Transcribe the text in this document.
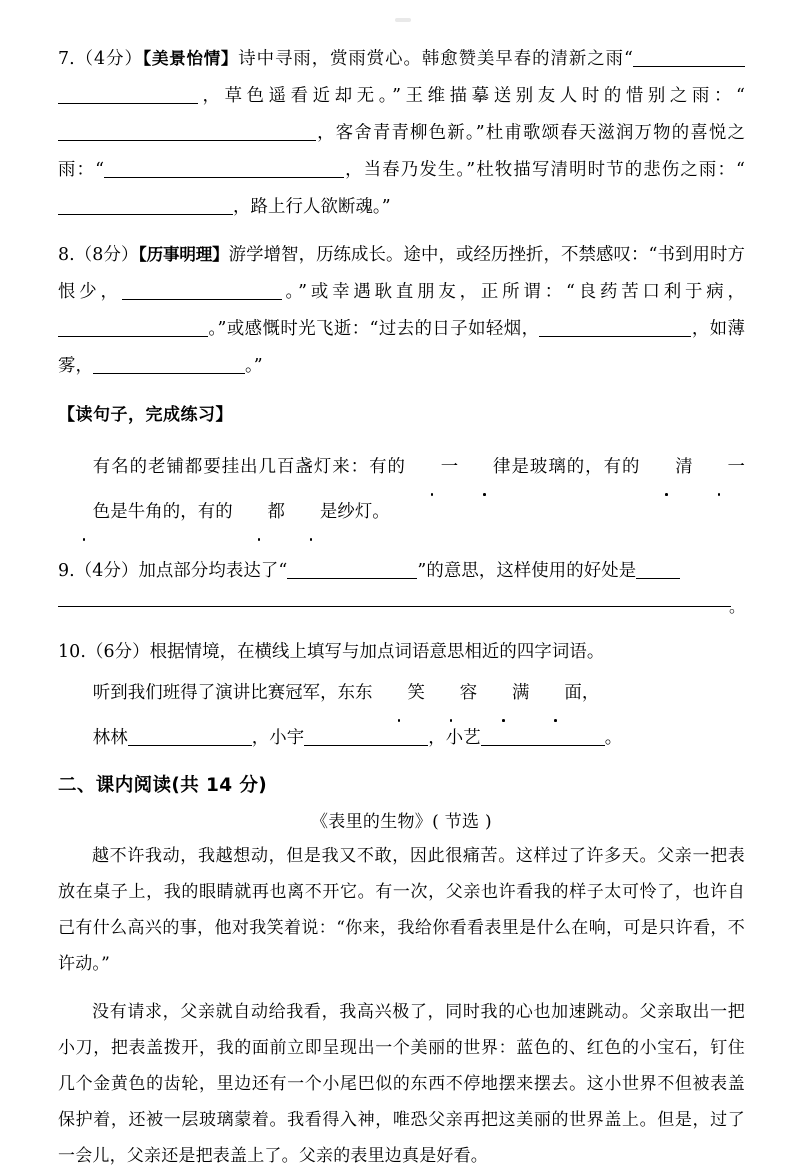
7.（4分）【美景怡情】诗中寻雨，赏雨赏心。韩愈赞美早春的清新之雨“，草色遥看近却无。”王维描摹送别友人时的惜别之雨：“，客舍青青柳色新。”杜甫歌颂春天滋润万物的喜悦之雨：“	，当春乃发生。”杜牧描写清明时节的悲伤之雨：“，路上行人欲断魂。”
8.（8分）【历事明理】游学增智，历练成长。途中，或经历挫折，不禁感叹：“书到用时方恨少，	。”或幸遇耿直朋友，正所谓：“良药苦口利于病，。”或感慨时光飞逝：“过去的日子如轻烟，	，如薄雾，	。”
【读句子，完成练习】
有名的老铺都要挂出几百盏灯来：有的 一 律是玻璃的，有的 清 一色是牛角的，有的 都 是纱灯。
9.（4分）加点部分均表达了“	”的意思，这样使用的好处是
。
10.（6分）根据情境，在横线上填写与加点词语意思相近的四字词语。
听到我们班得了演讲比赛冠军，东东 笑 容 满 面，
林林	，小宇	，小艺	。
二、课内阅读(共 14 分)
《表里的生物》( 节选 )

越不许我动，我越想动，但是我又不敢，因此很痛苦。这样过了许多天。父亲一把表放在桌子上，我的眼睛就再也离不开它。有一次，父亲也许看我的样子太可怜了，也许自己有什么高兴的事，他对我笑着说：“你来，我给你看看表里是什么在响，可是只许看，不许动。”

没有请求，父亲就自动给我看，我高兴极了，同时我的心也加速跳动。父亲取出一把小刀，把表盖拨开，我的面前立即呈现出一个美丽的世界：蓝色的、红色的小宝石，钉住几个金黄色的齿轮，里边还有一个小尾巴似的东西不停地摆来摆去。这小世界不但被表盖保护着，还被一层玻璃蒙着。我看得入神，唯恐父亲再把这美丽的世界盖上。但是，过了一会儿，父亲还是把表盖上了。父亲的表里边真是好看。
